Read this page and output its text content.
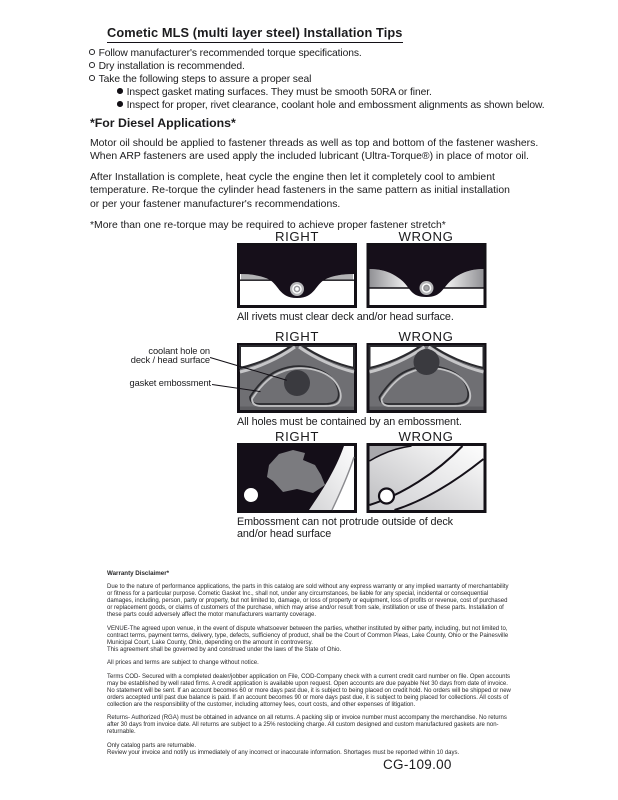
Cometic MLS (multi layer steel) Installation Tips
Follow manufacturer's recommended torque specifications.
Dry installation is recommended.
Take the following steps to assure a proper seal
Inspect gasket mating surfaces. They must be smooth 50RA or finer.
Inspect for proper, rivet clearance, coolant hole and embossment alignments as shown below.
*For Diesel Applications*
Motor oil should be applied to fastener threads as well as top and bottom of the fastener washers.
When ARP fasteners are used apply the included lubricant (Ultra-Torque®) in place of motor oil.
After Installation is complete, heat cycle the engine then let it completely cool to ambient
temperature. Re-torque the cylinder head fasteners in the same pattern as initial installation
or per your fastener manufacturer's recommendations.
*More than one re-torque may be required to achieve proper fastener stretch*
RIGHT	WRONG
All rivets must clear deck and/or head surface.
RIGHT	WRONG
All holes must be contained by an embossment.
coolant hole on
deck / head surface
gasket embossment
RIGHT	WRONG
Embossment can not protrude outside of deck
and/or head surface
Warranty Disclaimer*
Due to the nature of performance applications, the parts in this catalog are sold without any express warranty or any implied warranty of merchantability or fitness for a particular purpose. Cometic Gasket Inc., shall not, under any circumstances, be liable for any special, incidental or consequential damages, including, person, party or property, but not limited to, damage, or loss of property or equipment, loss of profits or revenue, cost of purchased or replacement goods, or claims of customers of the purchase, which may arise and/or result from sale, instillation or use of these parts. Installation of these parts could adversely affect the motor manufacturers warranty coverage.
VENUE-The agreed upon venue, in the event of dispute whatsoever between the parties, whether instituted by either party, including, but not limited to, contract terms, payment terms, delivery, type, defects, sufficiency of product, shall be the Court of Common Pleas, Lake County, Ohio or the Painesville Municipal Court, Lake County, Ohio, depending on the amount in controversy.
This agreement shall be governed by and construed under the laws of the State of Ohio.
All prices and terms are subject to change without notice.
Terms COD- Secured with a completed dealer/jobber application on File, COD-Company check with a current credit card number on file. Open accounts may be established by well rated firms. A credit application is available upon request. Open accounts are due payable Net 30 days from date of invoice. No statement will be sent. If an account becomes 60 or more days past due, it is subject to being placed on credit hold. No orders will be shipped or new orders accepted until past due balance is paid. If an account becomes 90 or more days past due, it is subject to being placed for collections. All costs of collection are the responsibility of the customer, including attorney fees, court costs, and other expenses of litigation.
Returns- Authorized (RGA) must be obtained in advance on all returns. A packing slip or invoice number must accompany the merchandise. No returns after 30 days from invoice date. All returns are subject to a 25% restocking charge. All custom designed and custom manufactured gaskets are non-returnable.
Only catalog parts are returnable.
Review your invoice and notify us immediately of any incorrect or inaccurate information. Shortages must be reported within 10 days.
CG-109.00
